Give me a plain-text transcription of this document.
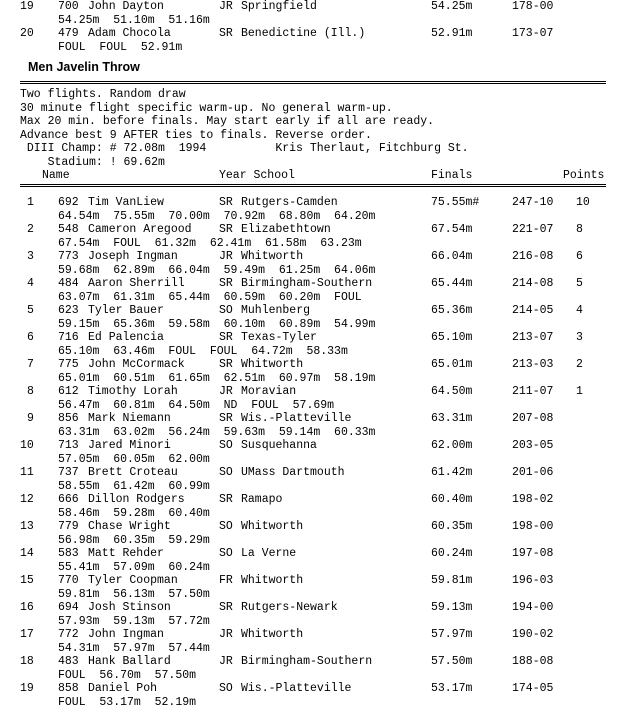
19 700 John Dayton	JR Springfield	54.25m	178-00
54.25m  51.10m  51.16m
20 479 Adam Chocola	SR Benedictine (Ill.)	52.91m	173-07
FOUL  FOUL  52.91m
Men Javelin Throw
Two flights. Random draw
30 minute flight specific warm-up. No general warm-up.
Max 20 min. before finals. May start early if all are ready.
Advance best 9 AFTER ties to finals. Reverse order.
DIII Champ: # 72.08m  1994          Kris Therlaut, Fitchburg St.
Stadium: ! 69.62m
Name	Year School	Finals	Points
1 692 Tim VanLiew	SR Rutgers-Camden	75.55m#	247-10 10
64.54m  75.55m  70.00m  70.92m  68.80m  64.20m
2 548 Cameron Aregood SR Elizabethtown	67.54m	221-07 8
67.54m  FOUL  61.32m  62.41m  61.58m  63.23m
3 773 Joseph Ingman	JR Whitworth	66.04m	216-08 6
59.68m  62.89m  66.04m  59.49m  61.25m  64.06m
4 484 Aaron Sherrill	SR Birmingham-Southern	65.44m	214-08 5
63.07m  61.31m  65.44m  60.59m  60.20m  FOUL
5 623 Tyler Bauer	SO Muhlenberg	65.36m	214-05 4
59.15m  65.36m  59.58m  60.10m  60.89m  54.99m
6 716 Ed Palencia	SR Texas-Tyler	65.10m	213-07 3
65.10m  63.46m  FOUL  FOUL  64.72m  58.33m
7 775 John McCormack	SR Whitworth	65.01m	213-03 2
65.01m  60.51m  61.65m  62.51m  60.97m  58.19m
8 612 Timothy Lorah	JR Moravian	64.50m	211-07 1
56.47m  60.81m  64.50m  ND  FOUL  57.69m
9 856 Mark Niemann	SR Wis.-Platteville	63.31m	207-08
63.31m  63.02m  56.24m  59.63m  59.14m  60.33m
10 713 Jared Minori	SO Susquehanna	62.00m	203-05
57.05m  60.05m  62.00m
11 737 Brett Croteau	SO UMass Dartmouth	61.42m	201-06
58.55m  61.42m  60.99m
12 666 Dillon Rodgers	SR Ramapo	60.40m	198-02
58.46m  59.28m  60.40m
13 779 Chase Wright	SO Whitworth	60.35m	198-00
56.98m  60.35m  59.29m
14 583 Matt Rehder	SO La Verne	60.24m	197-08
55.41m  57.09m  60.24m
15 770 Tyler Coopman	FR Whitworth	59.81m	196-03
59.81m  56.13m  57.50m
16 694 Josh Stinson	SR Rutgers-Newark	59.13m	194-00
57.93m  59.13m  57.72m
17 772 John Ingman	JR Whitworth	57.97m	190-02
54.31m  57.97m  57.44m
18 483 Hank Ballard	JR Birmingham-Southern	57.50m	188-08
FOUL  56.70m  57.50m
19 858 Daniel Poh	SO Wis.-Platteville	53.17m	174-05
FOUL  53.17m  52.19m
